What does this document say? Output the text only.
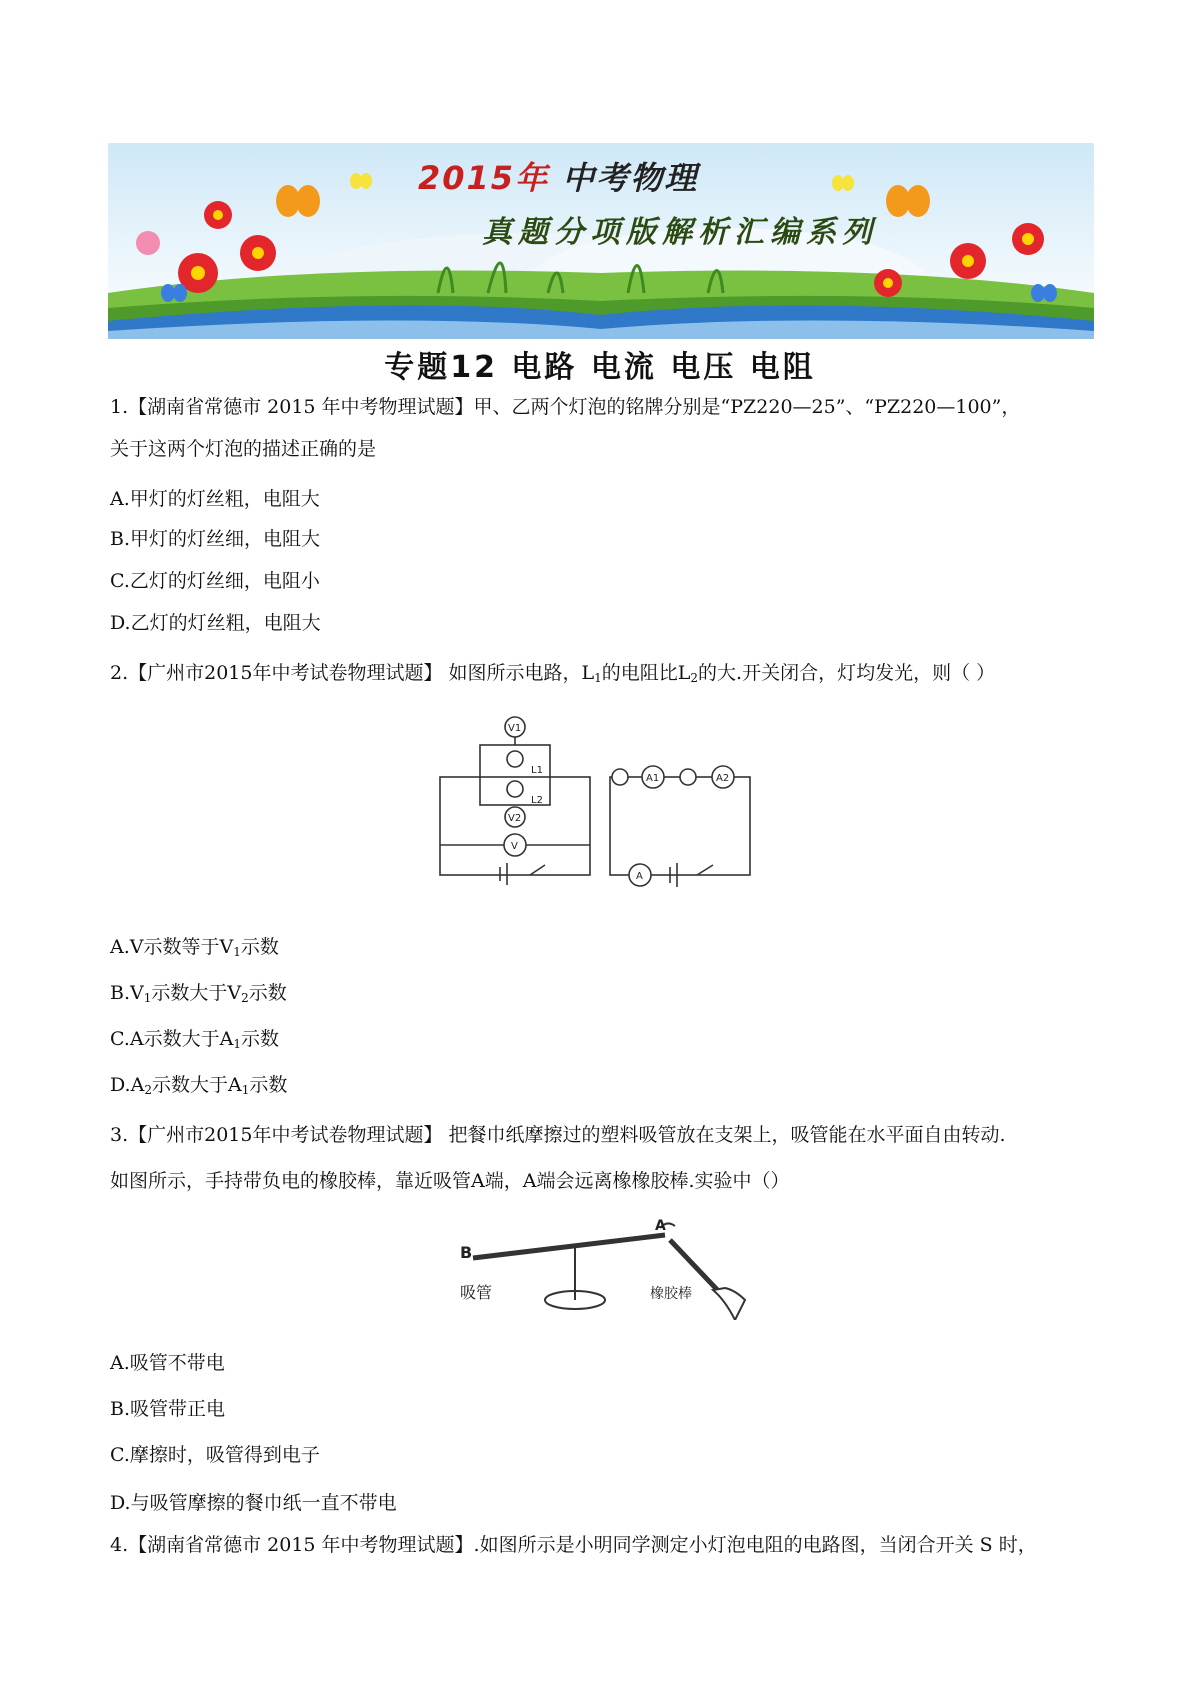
2015年 中考物理
真题分项版解析汇编系列
专题12 电路 电流 电压 电阻
1.【湖南省常德市 2015 年中考物理试题】甲、乙两个灯泡的铭牌分别是“PZ220—25”、“PZ220—100”，
关于这两个灯泡的描述正确的是
A.甲灯的灯丝粗，电阻大
B.甲灯的灯丝细，电阻大
C.乙灯的灯丝细，电阻小
D.乙灯的灯丝粗，电阻大
2.【广州市2015年中考试卷物理试题】 如图所示电路，$L_1$的电阻比$L_2$的大.开关闭合，灯均发光，则（ ）
V1
L1
L2
V2
V
A1	A2
A
A.V示数等于$V_1$示数
$B.V_1$示数大于$V_2$示数
C.A示数大于$A_1$示数
$D.A_2$示数大于$A_1$示数
3.【广州市2015年中考试卷物理试题】 把餐巾纸摩擦过的塑料吸管放在支架上，吸管能在水平面自由转动.
如图所示，手持带负电的橡胶棒，靠近吸管A端，A端会远离橡橡胶棒.实验中（）
B
A
吸管	橡胶棒
A.吸管不带电
B.吸管带正电
C.摩擦时，吸管得到电子
D.与吸管摩擦的餐巾纸一直不带电
4.【湖南省常德市 2015 年中考物理试题】.如图所示是小明同学测定小灯泡电阻的电路图，当闭合开关 S 时，
